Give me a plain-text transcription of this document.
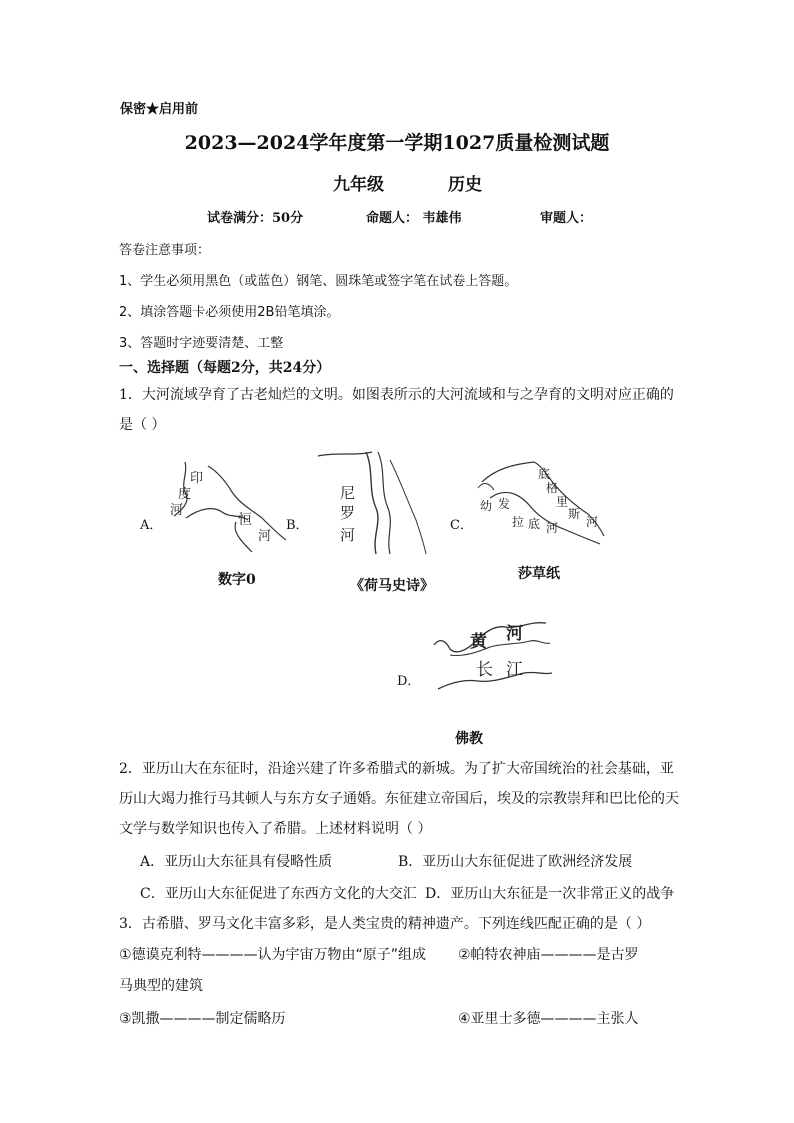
保密★启用前
2023—2024学年度第一学期1027质量检测试题
九年级	历史
试卷满分：50分	命题人： 韦雄伟	审题人：
答卷注意事项：
1、学生必须用黑色（或蓝色）钢笔、圆珠笔或签字笔在试卷上答题。
2、填涂答题卡必须使用2B铅笔填涂。
3、答题时字迹要清楚、工整
一、选择题（每题2分，共24分）
1．大河流域孕育了古老灿烂的文明。如图表所示的大河流域和与之孕育的文明对应正确的
是（ ）
A．
印
度
河
恒
河
B．
数字0
尼
罗
河
《荷马史诗》
C．
底
格
里
斯
河
幼 发
拉 底 河
莎草纸
D．
黄 河
长 江
佛教
2．亚历山大在东征时，沿途兴建了许多希腊式的新城。为了扩大帝国统治的社会基础，亚
历山大竭力推行马其顿人与东方女子通婚。东征建立帝国后，埃及的宗教崇拜和巴比伦的天
文学与数学知识也传入了希腊。上述材料说明（ ）
A．亚历山大东征具有侵略性质	B．亚历山大东征促进了欧洲经济发展
C．亚历山大东征促进了东西方文化的大交汇 D．亚历山大东征是一次非常正义的战争
3．古希腊、罗马文化丰富多彩，是人类宝贵的精神遗产。下列连线匹配正确的是（ ）
①德谟克利特————认为宇宙万物由“原子”组成 ②帕特农神庙————是古罗
马典型的建筑
③凯撒————制定儒略历	④亚里士多德————主张人
